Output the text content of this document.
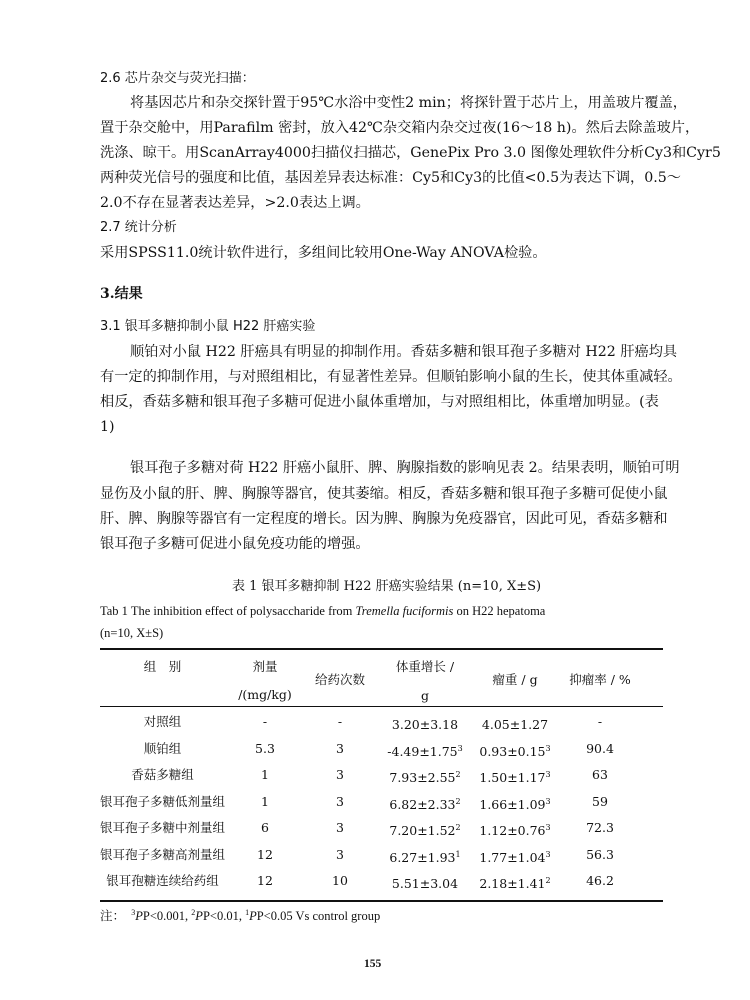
2.6 芯片杂交与荧光扫描：
将基因芯片和杂交探针置于95℃水浴中变性2 min；将探针置于芯片上，用盖玻片覆盖，
置于杂交舱中，用Parafilm 密封，放入42℃杂交箱内杂交过夜(16～18 h)。然后去除盖玻片，
洗涤、晾干。用ScanArray4000扫描仪扫描芯，GenePix Pro 3.0 图像处理软件分析Cy3和Cyr5
两种荧光信号的强度和比值，基因差异表达标准：Cy5和Cy3的比值<0.5为表达下调，0.5～
2.0不存在显著表达差异，>2.0表达上调。
2.7 统计分析
采用SPSS11.0统计软件进行，多组间比较用One-Way ANOVA检验。
3.结果
3.1 银耳多糖抑制小鼠 H22 肝癌实验
顺铂对小鼠 H22 肝癌具有明显的抑制作用。香菇多糖和银耳孢子多糖对 H22 肝癌均具
有一定的抑制作用，与对照组相比，有显著性差异。但顺铂影响小鼠的生长，使其体重减轻。
相反，香菇多糖和银耳孢子多糖可促进小鼠体重增加，与对照组相比，体重增加明显。(表
1)
银耳孢子多糖对荷 H22 肝癌小鼠肝、脾、胸腺指数的影响见表 2。结果表明，顺铂可明
显伤及小鼠的肝、脾、胸腺等器官，使其萎缩。相反，香菇多糖和银耳孢子多糖可促使小鼠
肝、脾、胸腺等器官有一定程度的增长。因为脾、胸腺为免疫器官，因此可见，香菇多糖和
银耳孢子多糖可促进小鼠免疫功能的增强。
表 1 银耳多糖抑制 H22 肝癌实验结果 (n=10, X±S)
Tab 1 The inhibition effect of polysaccharide from Tremella fuciformis on H22 hepatoma
(n=10, X±S)
组　别	剂量
/(mg/kg)
给药次数
体重增长 /
g
瘤重 / g	抑瘤率 / %
对照组	-	-	3.20±3.18	4.05±1.27	-
顺铂组	5.3	3	$-4.49\pm 1.75^3$	$0.93\pm 0.15^3$	90.4
香菇多糖组	1	3	$7.93\pm 2.55^2$	$1.50\pm 1.17^3$	63
银耳孢子多糖低剂量组	1	3	$6.82\pm 2.33^2$	$1.66\pm 1.09^3$	59
银耳孢子多糖中剂量组	6	3	$7.20\pm 1.52^2$	$1.12\pm 0.76^3$	72.3
银耳孢子多糖高剂量组	12	3	$6.27\pm 1.93^1$	$1.77\pm 1.04^3$	56.3
银耳孢糖连续给药组	12	10	5.51±3.04	$2.18\pm 1.41^2$	46.2
注： $^3$PP<0.001, $^2$PP<0.01, $^1$PP<0.05 Vs control group
155
